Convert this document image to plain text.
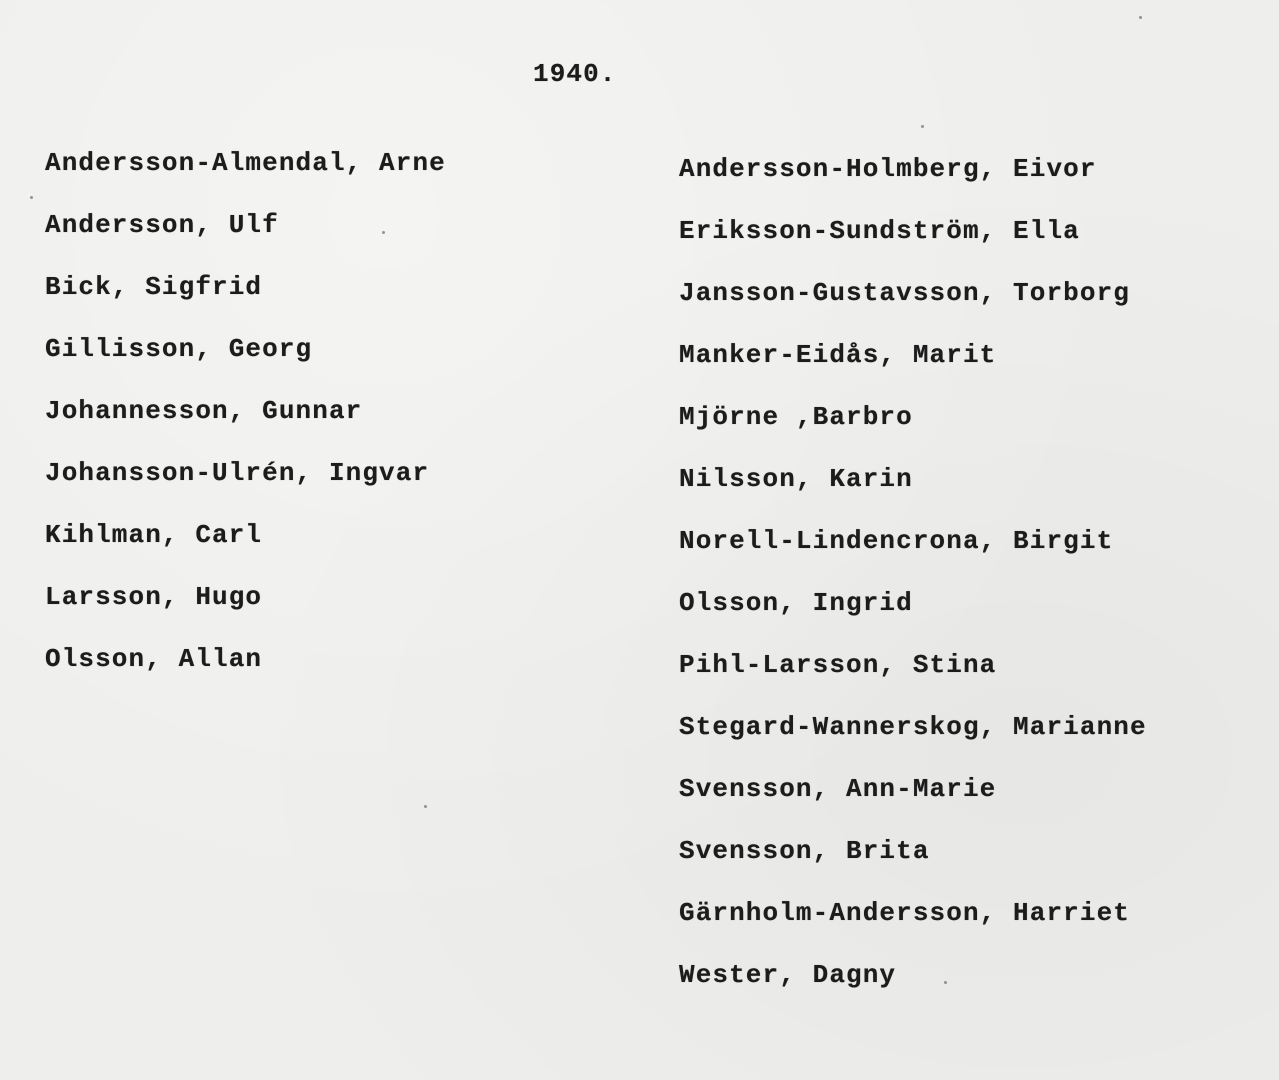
1940.
Andersson-Almendal, Arne
Andersson, Ulf
Bick, Sigfrid
Gillisson, Georg
Johannesson, Gunnar
Johansson-Ulrén, Ingvar
Kihlman, Carl
Larsson, Hugo
Olsson, Allan
Andersson-Holmberg, Eivor
Eriksson-Sundström, Ella
Jansson-Gustavsson, Torborg
Manker-Eidås, Marit
Mjörne ,Barbro
Nilsson, Karin
Norell-Lindencrona, Birgit
Olsson, Ingrid
Pihl-Larsson, Stina
Stegard-Wannerskog, Marianne
Svensson, Ann-Marie
Svensson, Brita
Gärnholm-Andersson, Harriet
Wester, Dagny
